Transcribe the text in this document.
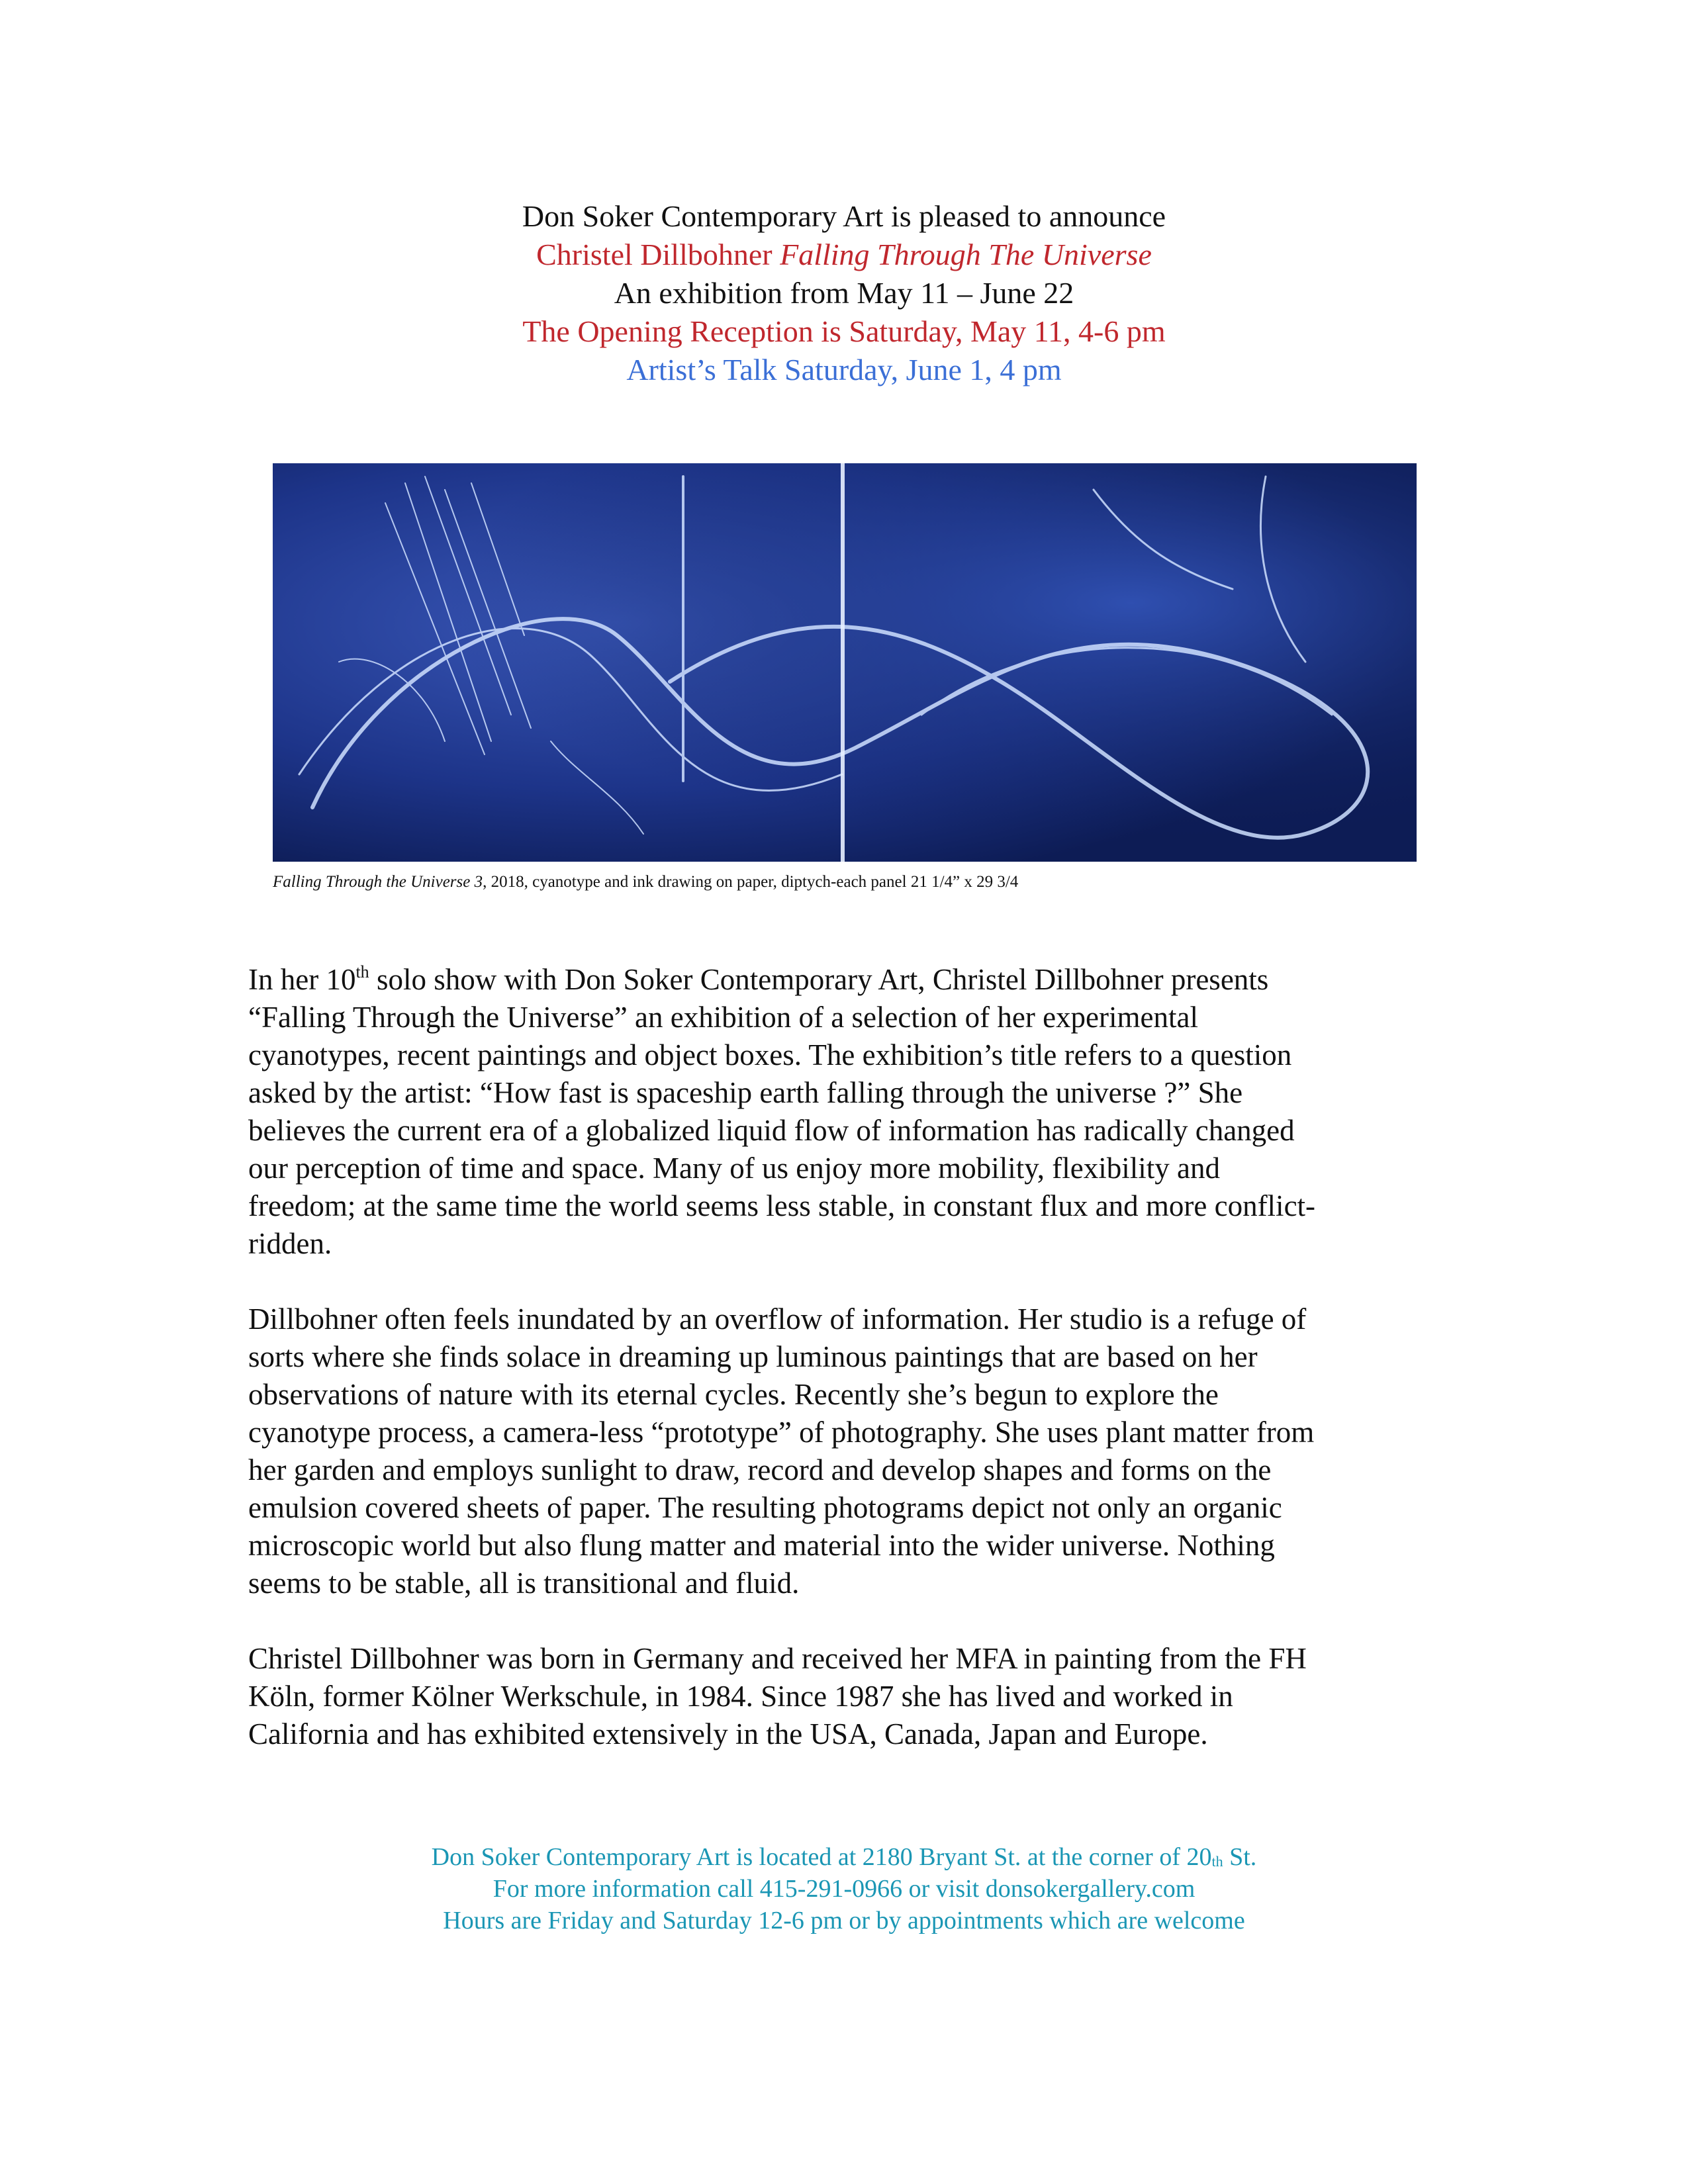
Don Soker Contemporary Art is pleased to announce
Christel Dillbohner Falling Through The Universe
An exhibition from May 11 – June 22
The Opening Reception is Saturday, May 11, 4-6 pm
Artist’s Talk Saturday, June 1, 4 pm
Falling Through the Universe 3, 2018, cyanotype and ink drawing on paper, diptych-each panel 21 1/4” x 29 3/4
In her 10th solo show with Don Soker Contemporary Art, Christel Dillbohner presents
“Falling Through the Universe” an exhibition of a selection of her experimental
cyanotypes, recent paintings and object boxes. The exhibition’s title refers to a question
asked by the artist: “How fast is spaceship earth falling through the universe ?” She
believes the current era of a globalized liquid flow of information has radically changed
our perception of time and space. Many of us enjoy more mobility, flexibility and
freedom; at the same time the world seems less stable, in constant flux and more conflict-
ridden.
Dillbohner often feels inundated by an overflow of information. Her studio is a refuge of
sorts where she finds solace in dreaming up luminous paintings that are based on her
observations of nature with its eternal cycles. Recently she’s begun to explore the
cyanotype process, a camera-less “prototype” of photography. She uses plant matter from
her garden and employs sunlight to draw, record and develop shapes and forms on the
emulsion covered sheets of paper. The resulting photograms depict not only an organic
microscopic world but also flung matter and material into the wider universe. Nothing
seems to be stable, all is transitional and fluid.
Christel Dillbohner was born in Germany and received her MFA in painting from the FH
Köln, former Kölner Werkschule, in 1984. Since 1987 she has lived and worked in
California and has exhibited extensively in the USA, Canada, Japan and Europe.
Don Soker Contemporary Art is located at 2180 Bryant St. at the corner of $20_{th}$ St.
For more information call 415-291-0966 or visit donsokergallery.com
Hours are Friday and Saturday 12-6 pm or by appointments which are welcome
